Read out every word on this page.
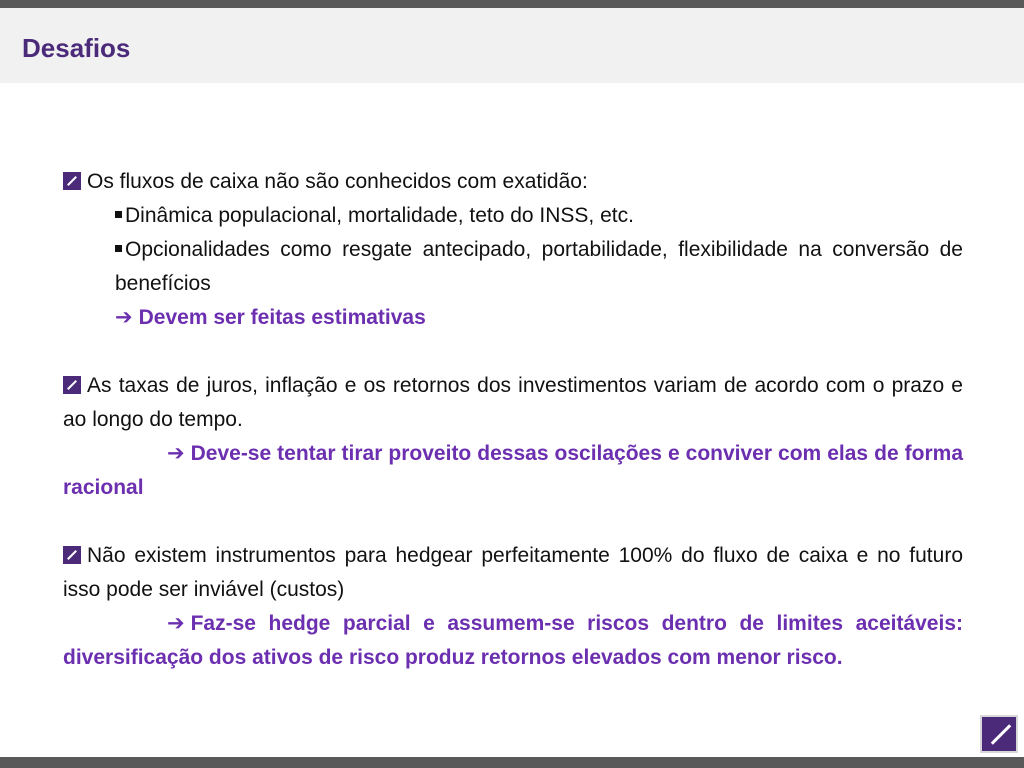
Desafios

Os fluxos de caixa não são conhecidos com exatidão:

Dinâmica populacional, mortalidade, teto do INSS, etc.

Opcionalidades como resgate antecipado, portabilidade, flexibilidade na conversão de benefícios

➔ Devem ser feitas estimativas

As taxas de juros, inflação e os retornos dos investimentos variam de acordo com o prazo e ao longo do tempo.

➔ Deve-se tentar tirar proveito dessas oscilações e conviver com elas de forma racional

Não existem instrumentos para hedgear perfeitamente 100% do fluxo de caixa e no futuro isso pode ser inviável (custos)

➔ Faz-se hedge parcial e assumem-se riscos dentro de limites aceitáveis: diversificação dos ativos de risco produz retornos elevados com menor risco.
